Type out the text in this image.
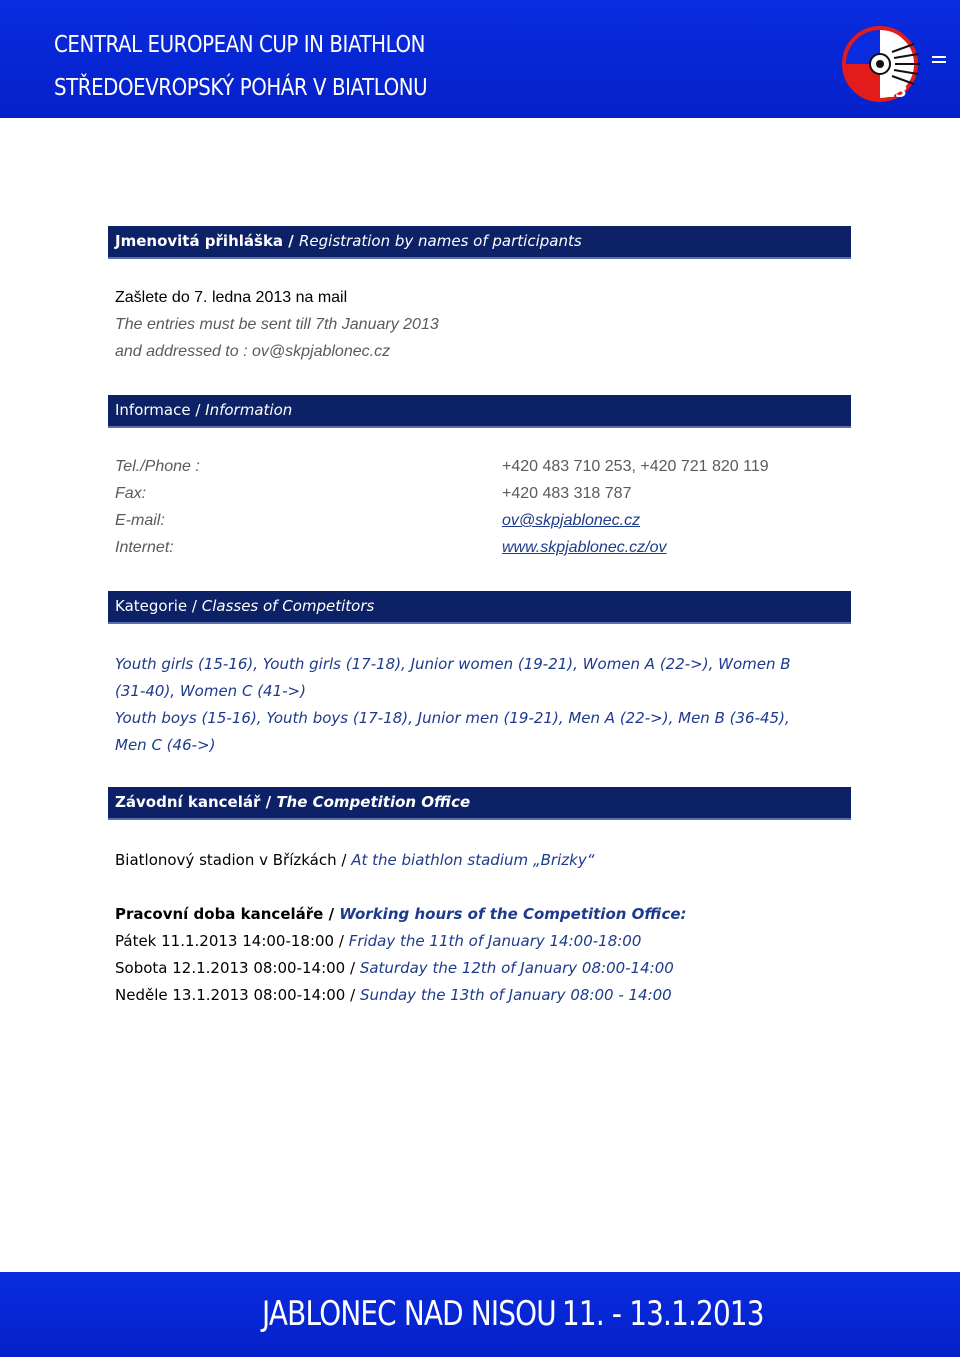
CENTRAL EUROPEAN CUP IN BIATHLON
STŘEDOEVROPSKÝ POHÁR V BIATLONU	'13
Jmenovitá přihláška / Registration by names of participants
Zašlete do 7. ledna 2013 na mail
The entries must be sent till 7th January 2013
and addressed to : ov@skpjablonec.cz
Informace / Information
Tel./Phone :	+420 483 710 253, +420 721 820 119
Fax:	+420 483 318 787
E-mail:	ov@skpjablonec.cz
Internet:	www.skpjablonec.cz/ov
Kategorie / Classes of Competitors
Youth girls (15-16), Youth girls (17-18), Junior women (19-21), Women A (22->), Women B
(31-40), Women C (41->)
Youth boys (15-16), Youth boys (17-18), Junior men (19-21), Men A (22->), Men B (36-45),
Men C (46->)
Závodní kancelář / The Competition Office
Biatlonový stadion v Břízkách / At the biathlon stadium „Brizky“
Pracovní doba kanceláře / Working hours of the Competition Office:
Pátek 11.1.2013 14:00-18:00 / Friday the 11th of January 14:00-18:00
Sobota 12.1.2013 08:00-14:00 / Saturday the 12th of January 08:00-14:00
Neděle 13.1.2013 08:00-14:00 / Sunday the 13th of January 08:00 - 14:00
JABLONEC NAD NISOU 11. - 13.1.2013
